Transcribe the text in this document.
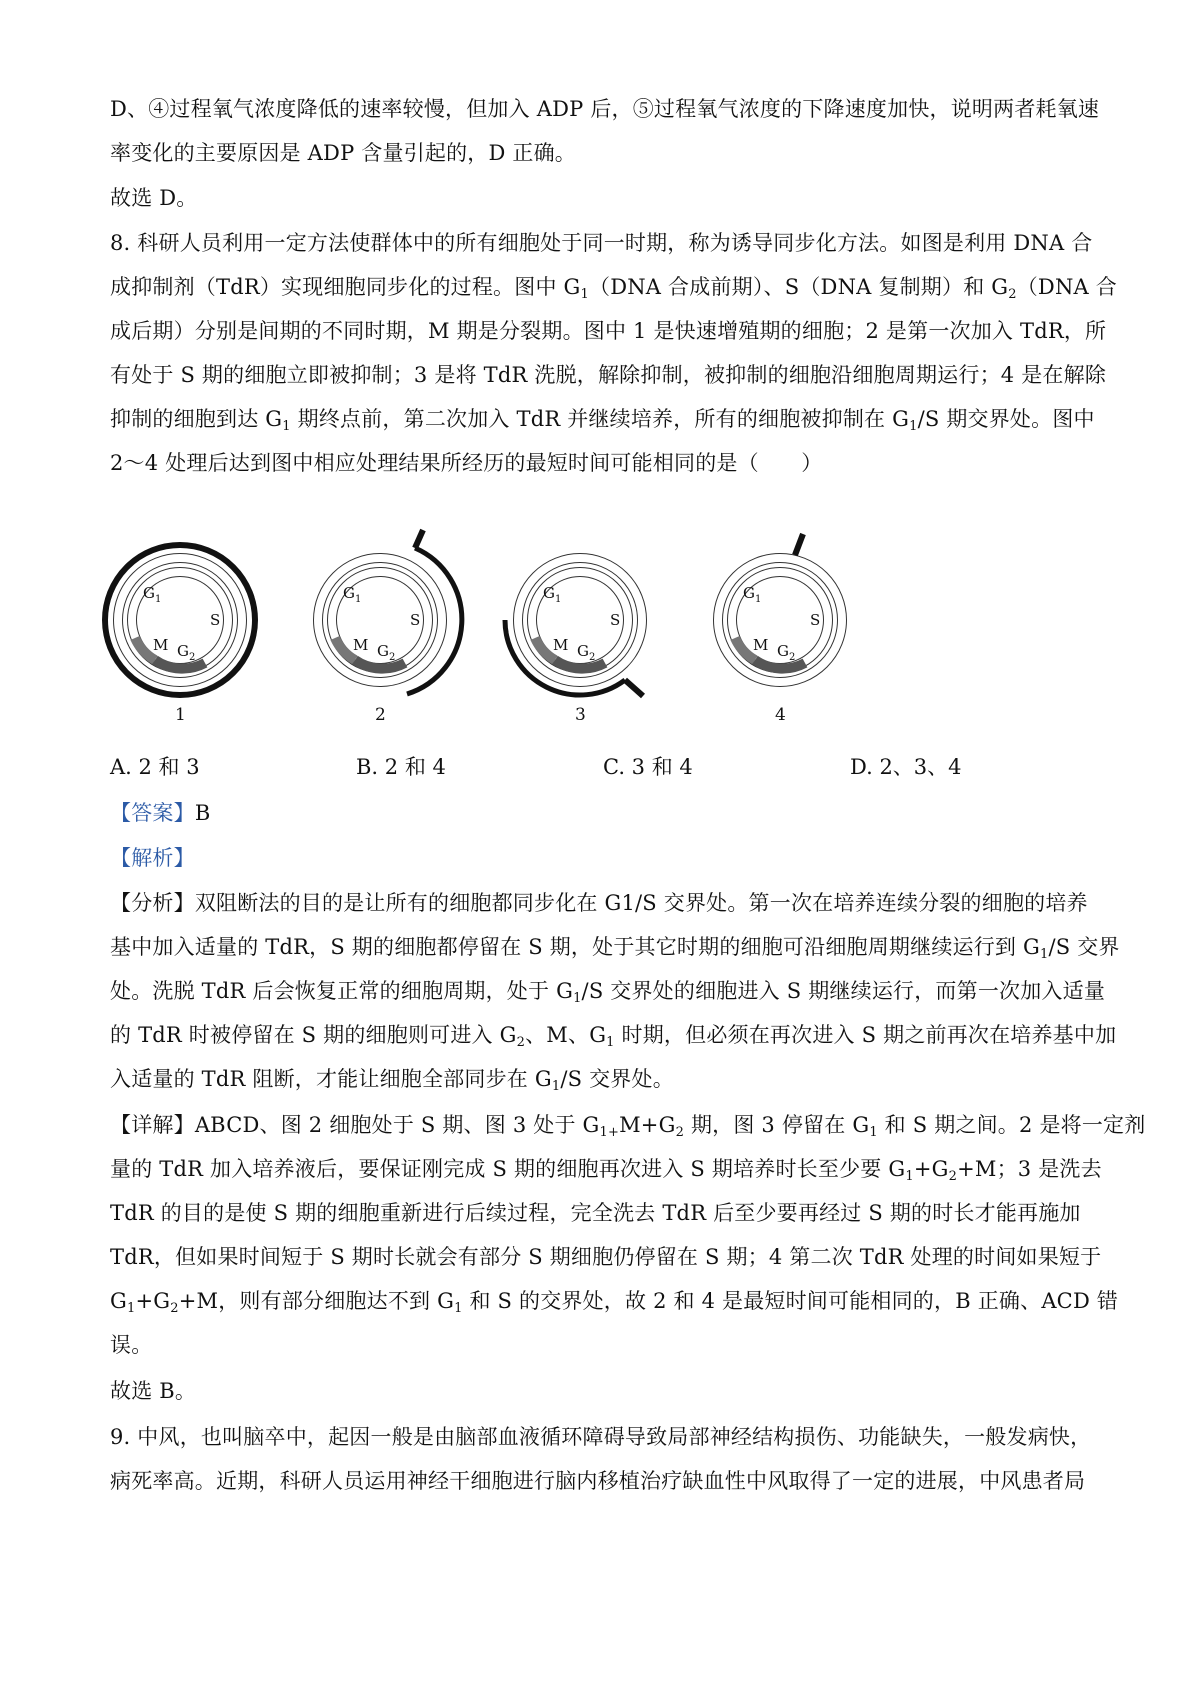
D、④过程氧气浓度降低的速率较慢，但加入 ADP 后，⑤过程氧气浓度的下降速度加快，说明两者耗氧速
率变化的主要原因是 ADP 含量引起的，D 正确。
故选 D。
8. 科研人员利用一定方法使群体中的所有细胞处于同一时期，称为诱导同步化方法。如图是利用 DNA 合
成抑制剂（TdR）实现细胞同步化的过程。图中 $G_1(DNA$ 合成前期）、S（DNA 复制期）和 $G_2(DNA$ 合
成后期）分别是间期的不同时期，M 期是分裂期。图中 1 是快速增殖期的细胞；2 是第一次加入 TdR，所
有处于 S 期的细胞立即被抑制；3 是将 TdR 洗脱，解除抑制，被抑制的细胞沿细胞周期运行；4 是在解除
抑制的细胞到达 $G_1$ 期终点前，第二次加入 TdR 并继续培养，所有的细胞被抑制在 $G_1/S$ 期交界处。图中
2～4 处理后达到图中相应处理结果所经历的最短时间可能相同的是（　　）
G 1
S
M G 2
1
G 1
S
M G 2
2
G 1
S
M G 2
3
G 1
S
M G 2
4
A. 2 和 3	B. 2 和 4	C. 3 和 4	D. 2、3、4
【答案】B
【解析】
【分析】双阻断法的目的是让所有的细胞都同步化在 G1/S 交界处。第一次在培养连续分裂的细胞的培养
基中加入适量的 TdR，S 期的细胞都停留在 S 期，处于其它时期的细胞可沿细胞周期继续运行到 $G_1/S$ 交界
处。洗脱 TdR 后会恢复正常的细胞周期，处于 $G_1/S$ 交界处的细胞进入 S 期继续运行，而第一次加入适量
的 TdR 时被停留在 S 期的细胞则可进入 $G_2$、M、$G_1$ 时期，但必须在再次进入 S 期之前再次在培养基中加
入适量的 TdR 阻断，才能让细胞全部同步在 $G_1/S$ 交界处。
【详解】ABCD、图 2 细胞处于 S 期、图 3 处于 $G_{1+}M+G_2$ 期，图 3 停留在 $G_1$ 和 S 期之间。2 是将一定剂
量的 TdR 加入培养液后，要保证刚完成 S 期的细胞再次进入 S 期培养时长至少要 $G_1+G_2+M$；3 是洗去
TdR 的目的是使 S 期的细胞重新进行后续过程，完全洗去 TdR 后至少要再经过 S 期的时长才能再施加
TdR，但如果时间短于 S 期时长就会有部分 S 期细胞仍停留在 S 期；4 第二次 TdR 处理的时间如果短于
$G_1+G_2+M$，则有部分细胞达不到 $G_1$ 和 S 的交界处，故 2 和 4 是最短时间可能相同的，B 正确、ACD 错
误。
故选 B。
9. 中风，也叫脑卒中，起因一般是由脑部血液循环障碍导致局部神经结构损伤、功能缺失，一般发病快，
病死率高。近期，科研人员运用神经干细胞进行脑内移植治疗缺血性中风取得了一定的进展，中风患者局
